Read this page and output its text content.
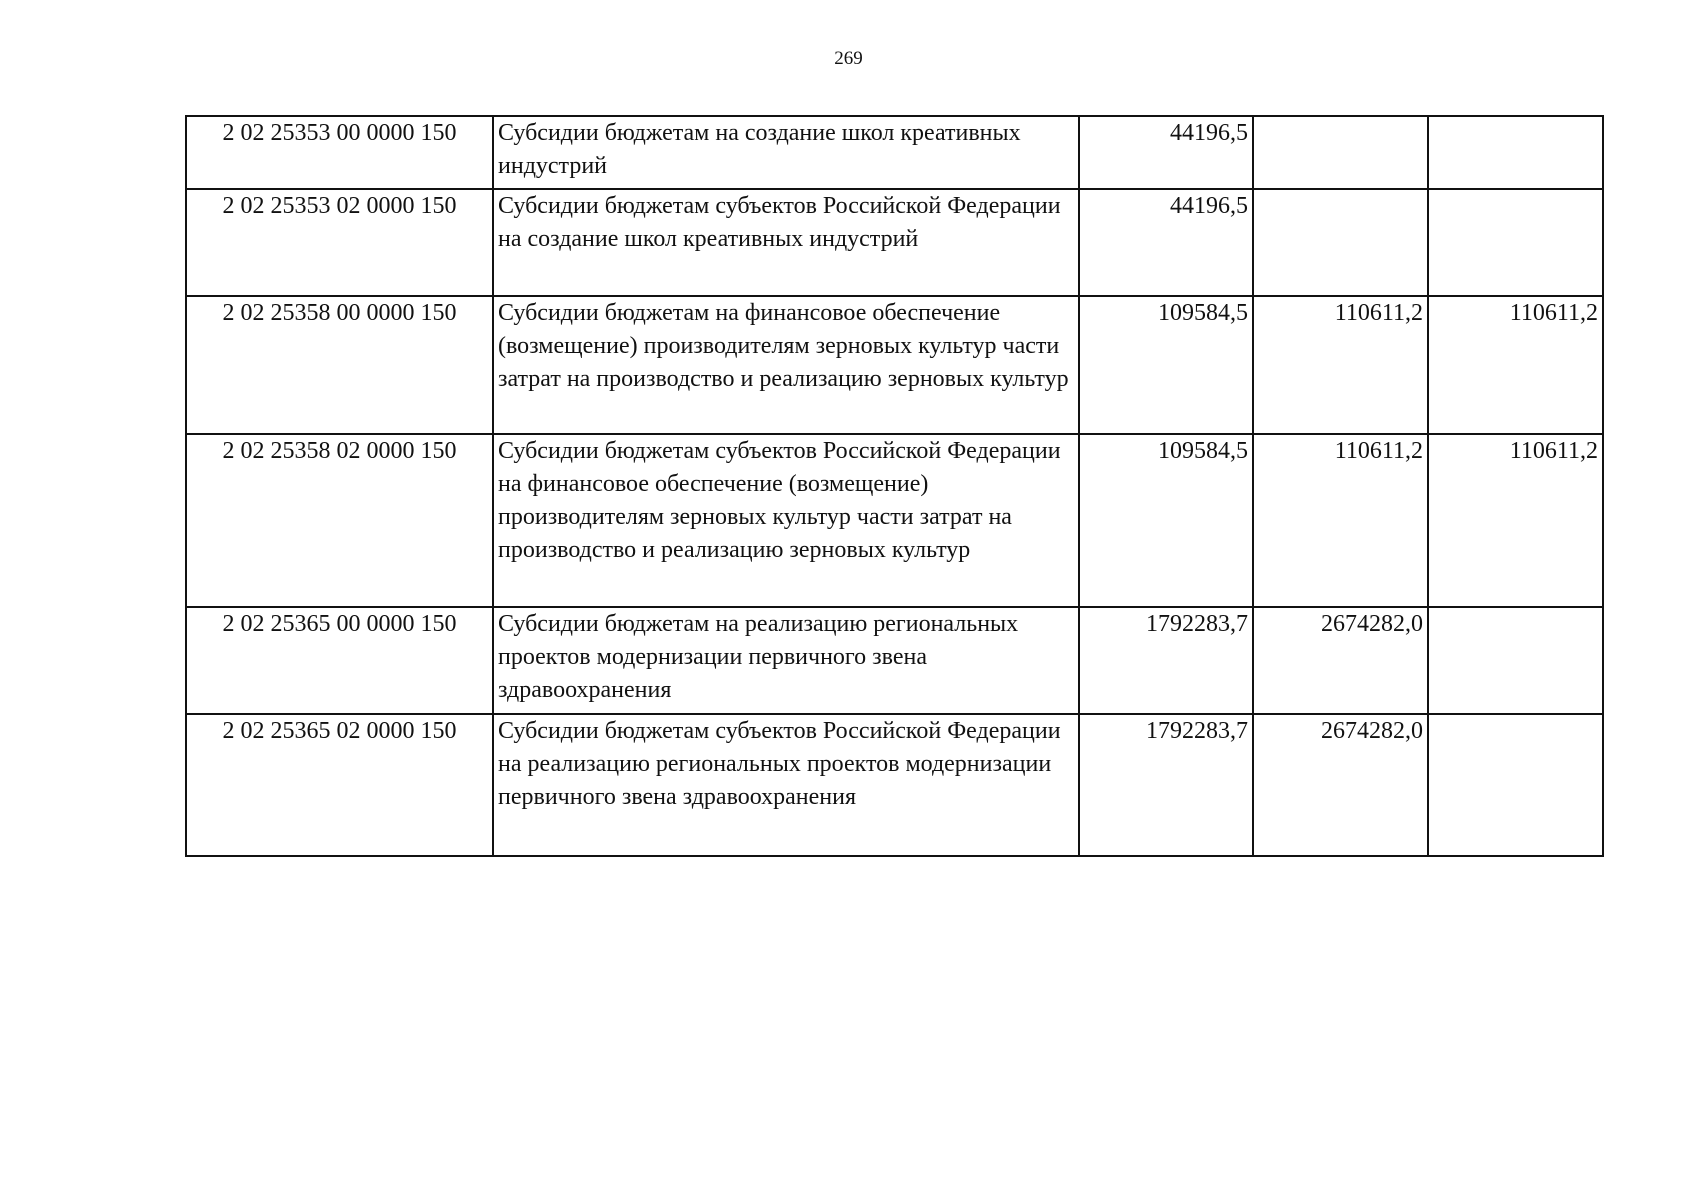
269
2 02 25353 00 0000 150	Субсидии бюджетам на создание школ креативных индустрий	44196,5		
2 02 25353 02 0000 150	Субсидии бюджетам субъектов Российской Федерации на создание школ креативных индустрий	44196,5		
2 02 25358 00 0000 150	Субсидии бюджетам на финансовое обеспечение (возмещение) производителям зерновых культур части затрат на производство и реализацию зерновых культур	109584,5	110611,2	110611,2
2 02 25358 02 0000 150	Субсидии бюджетам субъектов Российской Федерации на финансовое обеспечение (возмещение) производителям зерновых культур части затрат на производство и реализацию зерновых культур	109584,5	110611,2	110611,2
2 02 25365 00 0000 150	Субсидии бюджетам на реализацию региональных проектов модернизации первичного звена здравоохранения	1792283,7	2674282,0	
2 02 25365 02 0000 150	Субсидии бюджетам субъектов Российской Федерации на реализацию региональных проектов модернизации первичного звена здравоохранения	1792283,7	2674282,0	
